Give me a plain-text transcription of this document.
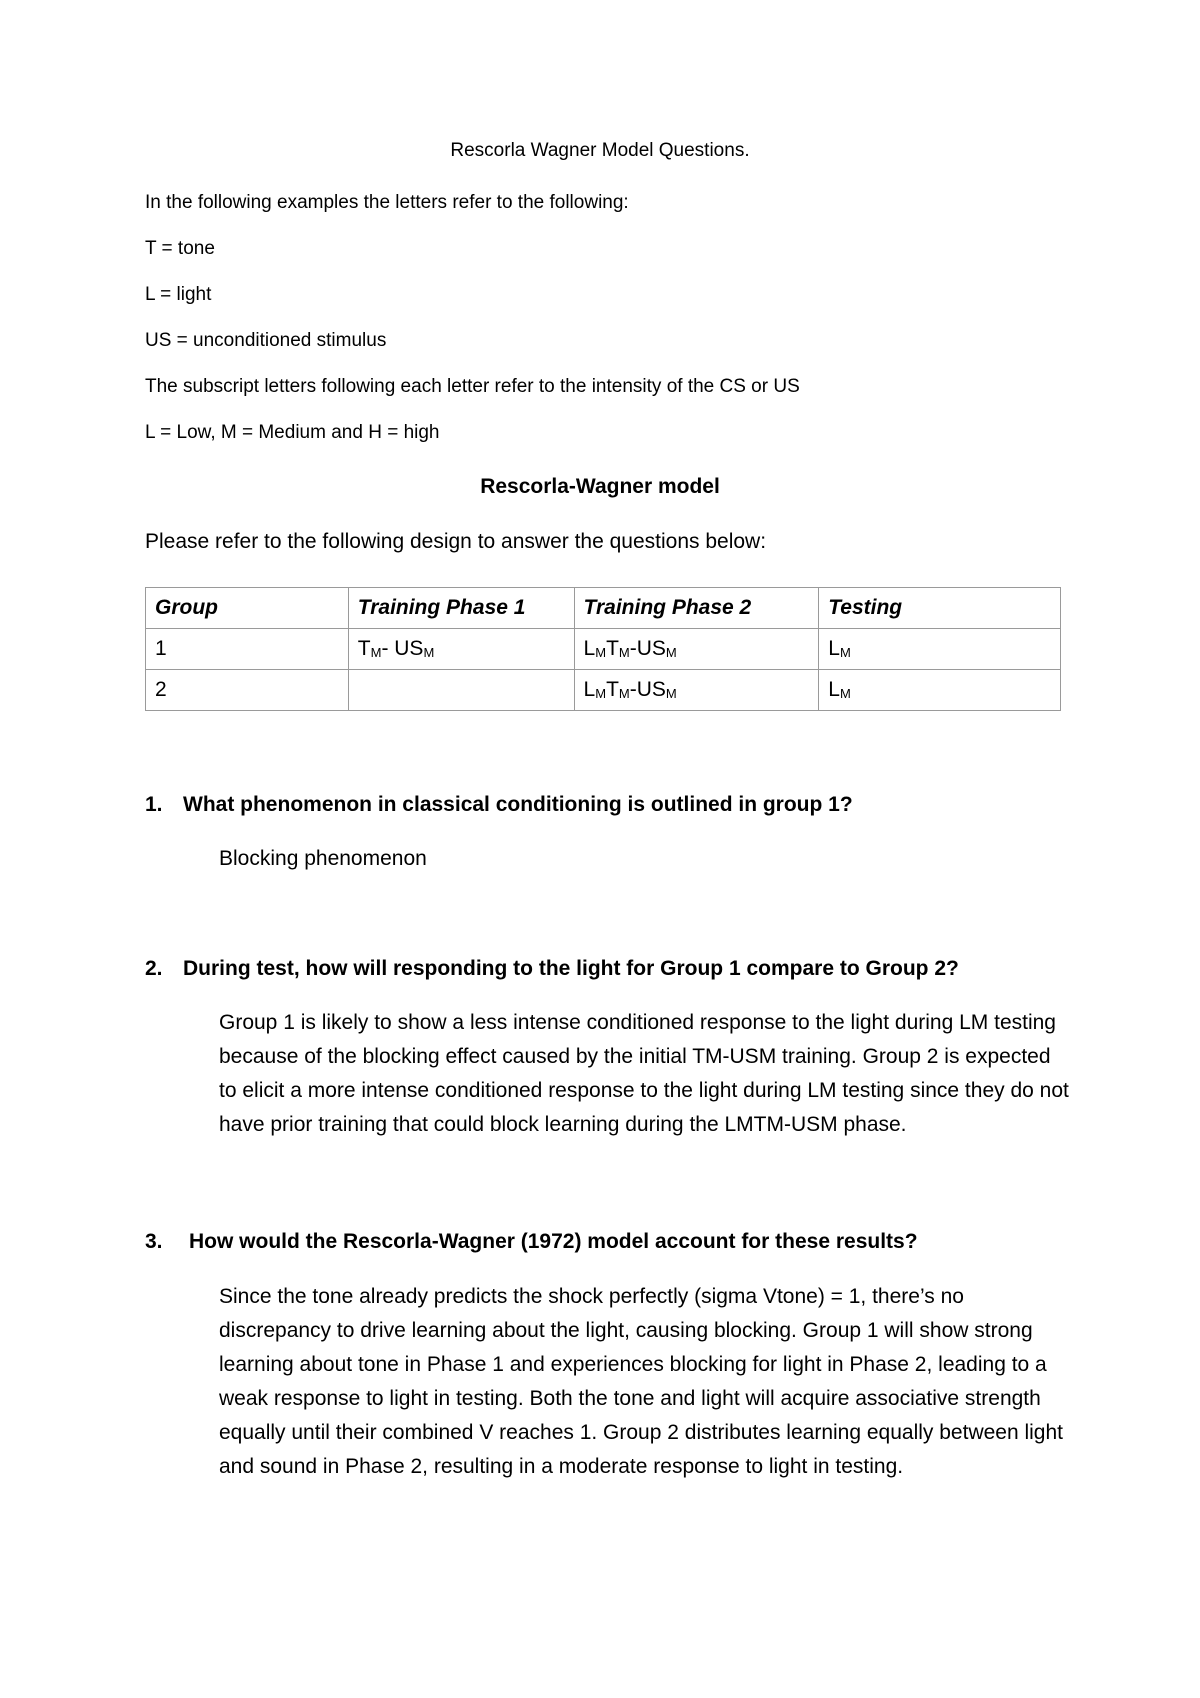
Rescorla Wagner Model Questions.
In the following examples the letters refer to the following:
T = tone
L = light
US = unconditioned stimulus
The subscript letters following each letter refer to the intensity of the CS or US
L = Low, M = Medium and H = high
Rescorla-Wagner model
Please refer to the following design to answer the questions below:
Group	Training Phase 1	Training Phase 2	Testing
1	$T_M-$ $US_M$	$L_MT_M-US_M$	$L_M$
2		$L_MT_M-US_M$	$L_M$
1. What phenomenon in classical conditioning is outlined in group 1?
Blocking phenomenon
2. During test, how will responding to the light for Group 1 compare to Group 2?
Group 1 is likely to show a less intense conditioned response to the light during LM testing because of the blocking effect caused by the initial TM-USM training. Group 2 is expected to elicit a more intense conditioned response to the light during LM testing since they do not have prior training that could block learning during the LMTM-USM phase.
3. How would the Rescorla-Wagner (1972) model account for these results?
Since the tone already predicts the shock perfectly (sigma Vtone) = 1, there’s no discrepancy to drive learning about the light, causing blocking. Group 1 will show strong learning about tone in Phase 1 and experiences blocking for light in Phase 2, leading to a weak response to light in testing. Both the tone and light will acquire associative strength equally until their combined V reaches 1. Group 2 distributes learning equally between light and sound in Phase 2, resulting in a moderate response to light in testing.
